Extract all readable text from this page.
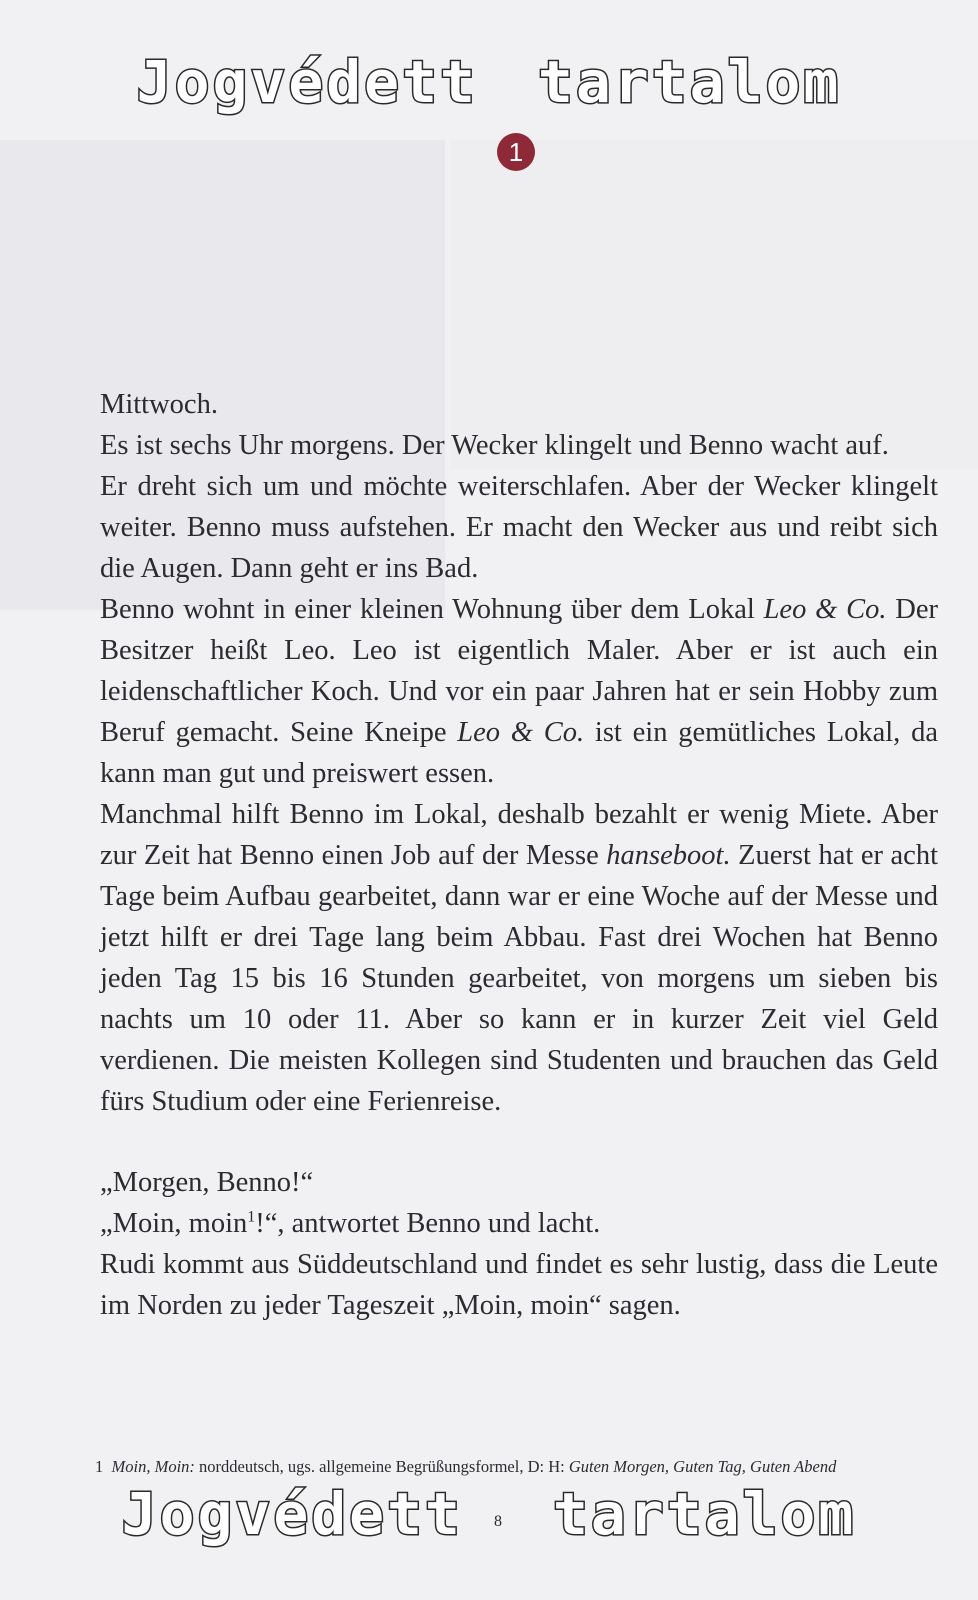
Jogvédett tartalom
1

Mittwoch.

Es ist sechs Uhr morgens. Der Wecker klingelt und Benno wacht auf.

Er dreht sich um und möchte weiterschlafen. Aber der Wecker klingelt weiter. Benno muss aufstehen. Er macht den Wecker aus und reibt sich die Augen. Dann geht er ins Bad.

Benno wohnt in einer kleinen Wohnung über dem Lokal Leo & Co. Der Besitzer heißt Leo. Leo ist eigentlich Maler. Aber er ist auch ein leidenschaftlicher Koch. Und vor ein paar Jahren hat er sein Hobby zum Beruf gemacht. Seine Kneipe Leo & Co. ist ein gemütliches Lokal, da kann man gut und preiswert essen.

Manchmal hilft Benno im Lokal, deshalb bezahlt er wenig Miete. Aber zur Zeit hat Benno einen Job auf der Messe hanseboot. Zuerst hat er acht Tage beim Aufbau gearbeitet, dann war er eine Woche auf der Messe und jetzt hilft er drei Tage lang beim Abbau. Fast drei Wochen hat Benno jeden Tag 15 bis 16 Stunden gearbeitet, von morgens um sieben bis nachts um 10 oder 11. Aber so kann er in kurzer Zeit viel Geld verdienen. Die meisten Kollegen sind Studenten und brauchen das Geld fürs Studium oder eine Ferienreise.

„Morgen, Benno!“

„Moin, moin$^1$!“, antwortet Benno und lacht.

Rudi kommt aus Süddeutschland und findet es sehr lustig, dass die Leute im Norden zu jeder Tageszeit „Moin, moin“ sagen.

1 Moin, Moin: norddeutsch, ugs. allgemeine Begrüßungsformel, D: H: Guten Morgen, Guten Tag, Guten Abend
8
Jogvédett tartalom
